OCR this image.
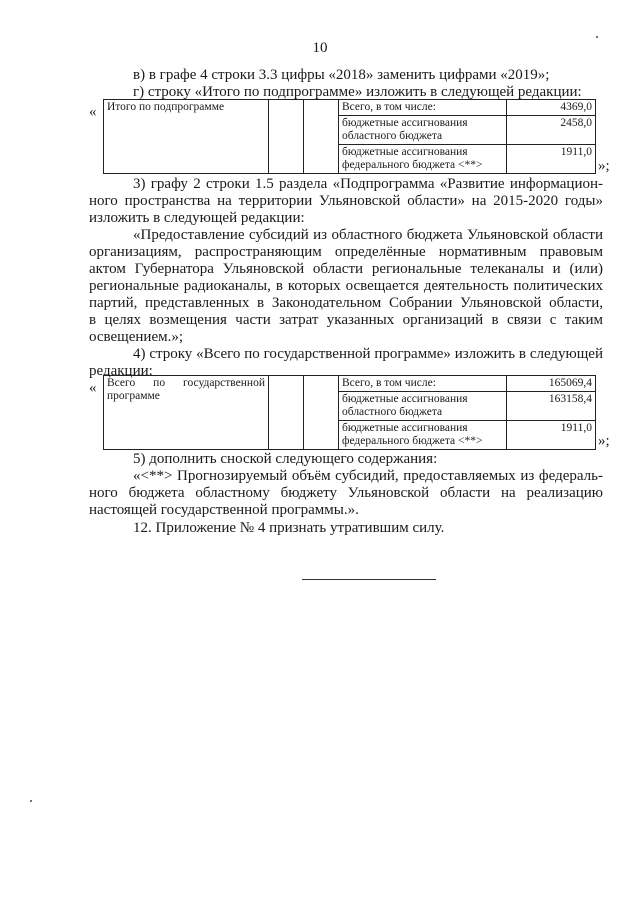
10
в) в графе 4 строки 3.3 цифры «2018» заменить цифрами «2019»;
г) строку «Итого по подпрограмме» изложить в следующей редакции:
« Итого по подпрограмме			Всего, в том числе:	4369,0
			бюджетные ассигнования областного бюджета	2458,0
			бюджетные ассигнования федерального бюджета <**>	1911,0
»;
3) графу 2 строки 1.5 раздела «Подпрограмма «Развитие информацион-
ного пространства на территории Ульяновской области» на 2015-2020 годы»
изложить в следующей редакции:
«Предоставление субсидий из областного бюджета Ульяновской области
организациям, распространяющим определённые нормативным правовым
актом Губернатора Ульяновской области региональные телеканалы и (или)
региональные радиоканалы, в которых освещается деятельность политических
партий, представленных в Законодательном Собрании Ульяновской области,
в целях возмещения части затрат указанных организаций в связи с таким
освещением.»;
4) строку «Всего по государственной программе» изложить в следующей
редакции:
« Всего по государственной программе			Всего, в том числе:	165069,4
			бюджетные ассигнования областного бюджета	163158,4
			бюджетные ассигнования федерального бюджета <**>	1911,0
»;
5) дополнить сноской следующего содержания:
«<**> Прогнозируемый объём субсидий, предоставляемых из федераль-
ного бюджета областному бюджету Ульяновской области на реализацию
настоящей государственной программы.».
12. Приложение № 4 признать утратившим силу.
